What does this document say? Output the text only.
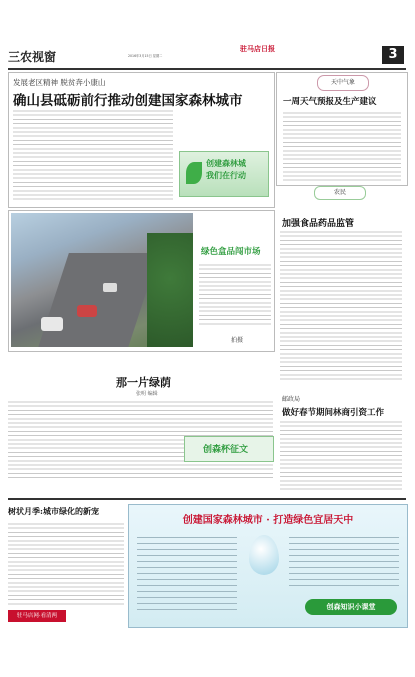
三农视窗	2016年3月15日 星期二
驻马店日报	3
发展老区精神 脱贫奔小康山
确山县砥砺前行推动创建国家森林城市
创建森林城
我们在行动
天中气象
一周天气预报及生产建议
农民
加强食品药品监管
邮政局
做好春节期间林商引资工作
绿色盒品闯市场
拍摄
那一片绿荫
张明 编辑
创森杯征文
树状月季:城市绿化的新宠
驻马店网·看清两
创建国家森林城市 · 打造绿色宜居天中
创森知识小课堂
